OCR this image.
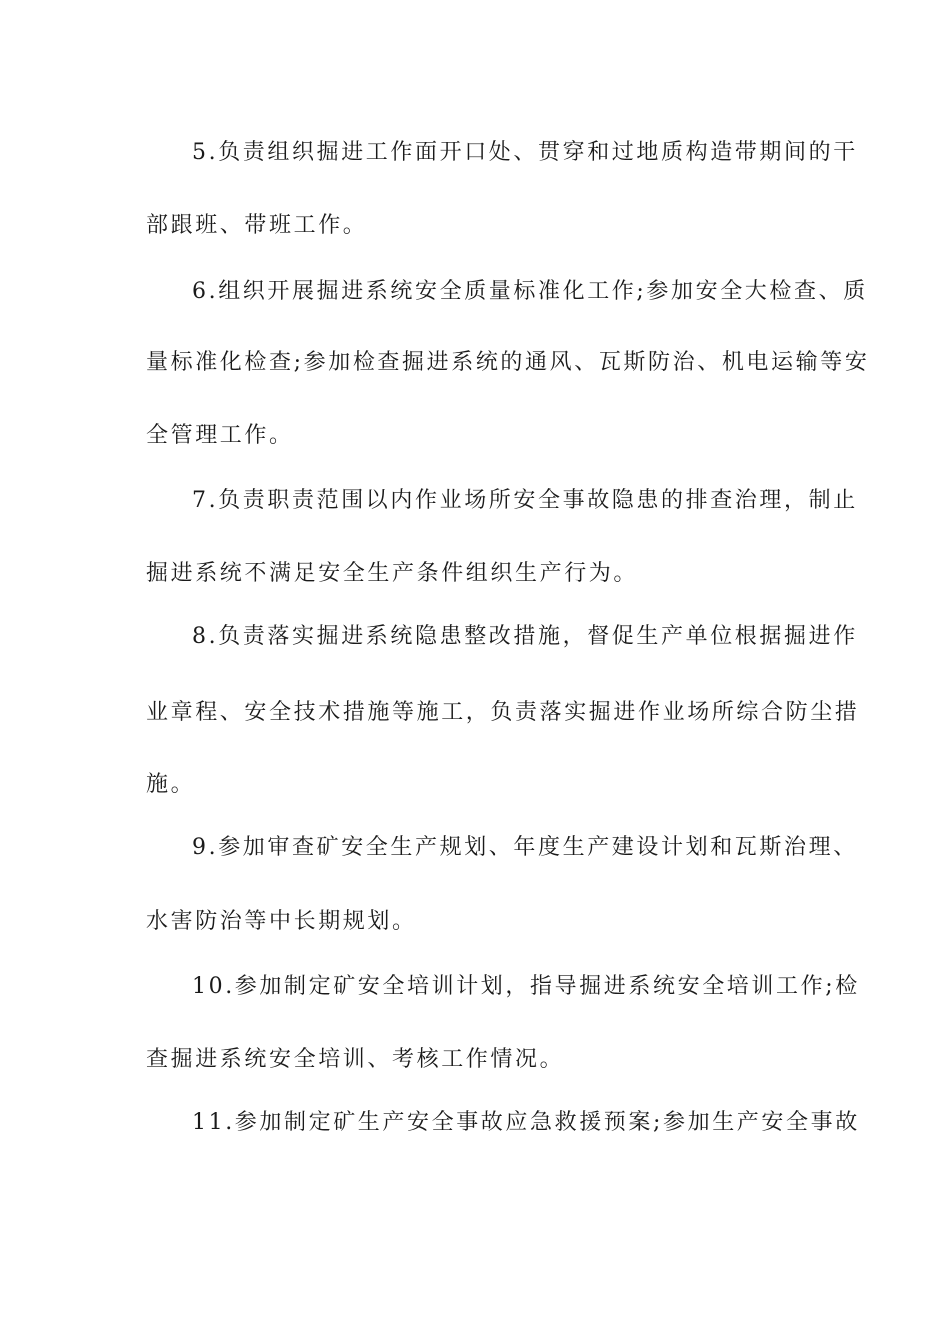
5.负责组织掘进工作面开口处、贯穿和过地质构造带期间的干
部跟班、带班工作。
6.组织开展掘进系统安全质量标准化工作;参加安全大检查、质
量标准化检查;参加检查掘进系统的通风、瓦斯防治、机电运输等安
全管理工作。
7.负责职责范围以内作业场所安全事故隐患的排查治理，制止
掘进系统不满足安全生产条件组织生产行为。
8.负责落实掘进系统隐患整改措施，督促生产单位根据掘进作
业章程、安全技术措施等施工，负责落实掘进作业场所综合防尘措
施。
9.参加审查矿安全生产规划、年度生产建设计划和瓦斯治理、
水害防治等中长期规划。
10.参加制定矿安全培训计划，指导掘进系统安全培训工作;检
查掘进系统安全培训、考核工作情况。
11.参加制定矿生产安全事故应急救援预案;参加生产安全事故
